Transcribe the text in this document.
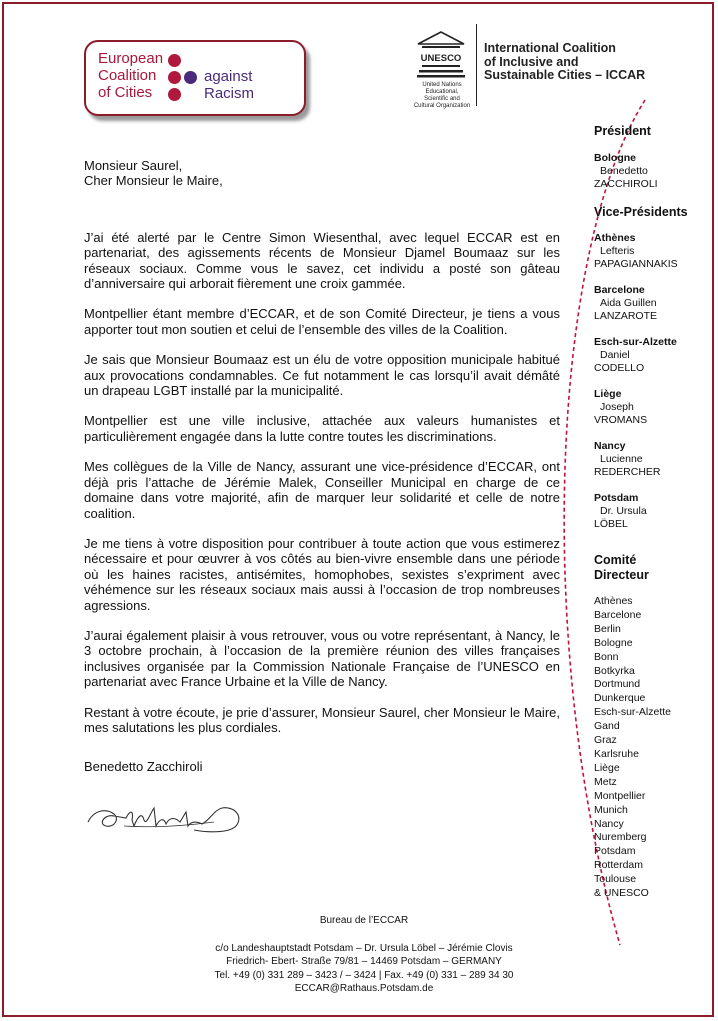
European
Coalition
of Cities
against Racism
UNESCO
United Nations Educational, Scientific and Cultural Organization
International Coalition
of Inclusive and
Sustainable Cities – ICCAR
Monsieur Saurel,
Cher Monsieur le Maire,

J’ai été alerté par le Centre Simon Wiesenthal, avec lequel ECCAR est en partenariat, des agissements récents de Monsieur Djamel Boumaaz sur les réseaux sociaux. Comme vous le savez, cet individu a posté son gâteau d’anniversaire qui arborait fièrement une croix gammée.

Montpellier étant membre d’ECCAR, et de son Comité Directeur, je tiens a vous apporter tout mon soutien et celui de l’ensemble des villes de la Coalition.

Je sais que Monsieur Boumaaz est un élu de votre opposition municipale habitué aux provocations condamnables. Ce fut notamment le cas lorsqu’il avait démâté un drapeau LGBT installé par la municipalité.

Montpellier est une ville inclusive, attachée aux valeurs humanistes et particulièrement engagée dans la lutte contre toutes les discriminations.

Mes collègues de la Ville de Nancy, assurant une vice-présidence d’ECCAR, ont déjà pris l’attache de Jérémie Malek, Conseiller Municipal en charge de ce domaine dans votre majorité, afin de marquer leur solidarité et celle de notre coalition.

Je me tiens à votre disposition pour contribuer à toute action que vous estimerez nécessaire et pour œuvrer à vos côtés au bien-vivre ensemble dans une période où les haines racistes, antisémites, homophobes, sexistes s’expriment avec véhémence sur les réseaux sociaux mais aussi à l’occasion de trop nombreuses agressions.

J’aurai également plaisir à vous retrouver, vous ou votre représentant, à Nancy, le 3 octobre prochain, à l’occasion de la première réunion des villes françaises inclusives organisée par la Commission Nationale Française de l’UNESCO en partenariat avec France Urbaine et la Ville de Nancy.

Restant à votre écoute, je prie d’assurer, Monsieur Saurel, cher Monsieur le Maire, mes salutations les plus cordiales.

Benedetto Zacchiroli
Président
Bologne
Benedetto
ZACCHIROLI
Vice-Présidents
Athènes
Lefteris
PAPAGIANNAKIS
Barcelone
Aida Guillen
LANZAROTE
Esch-sur-Alzette
Daniel
CODELLO
Liège
Joseph
VROMANS
Nancy
Lucienne
REDERCHER
Potsdam
Dr. Ursula
LÖBEL
Comité
Directeur
Athènes
Barcelone
Berlin
Bologne
Bonn
Botkyrka
Dortmund
Dunkerque
Esch-sur-Alzette
Gand
Graz
Karlsruhe
Liège
Metz
Montpellier
Munich
Nancy
Nuremberg
Potsdam
Rotterdam
Toulouse
& UNESCO
Bureau de l’ECCAR
c/o Landeshauptstadt Potsdam – Dr. Ursula Löbel – Jérémie Clovis
Friedrich- Ebert- Straße 79/81 – 14469 Potsdam – GERMANY
Tel. +49 (0) 331 289 – 3423 / – 3424 | Fax. +49 (0) 331 – 289 34 30
ECCAR@Rathaus.Potsdam.de
